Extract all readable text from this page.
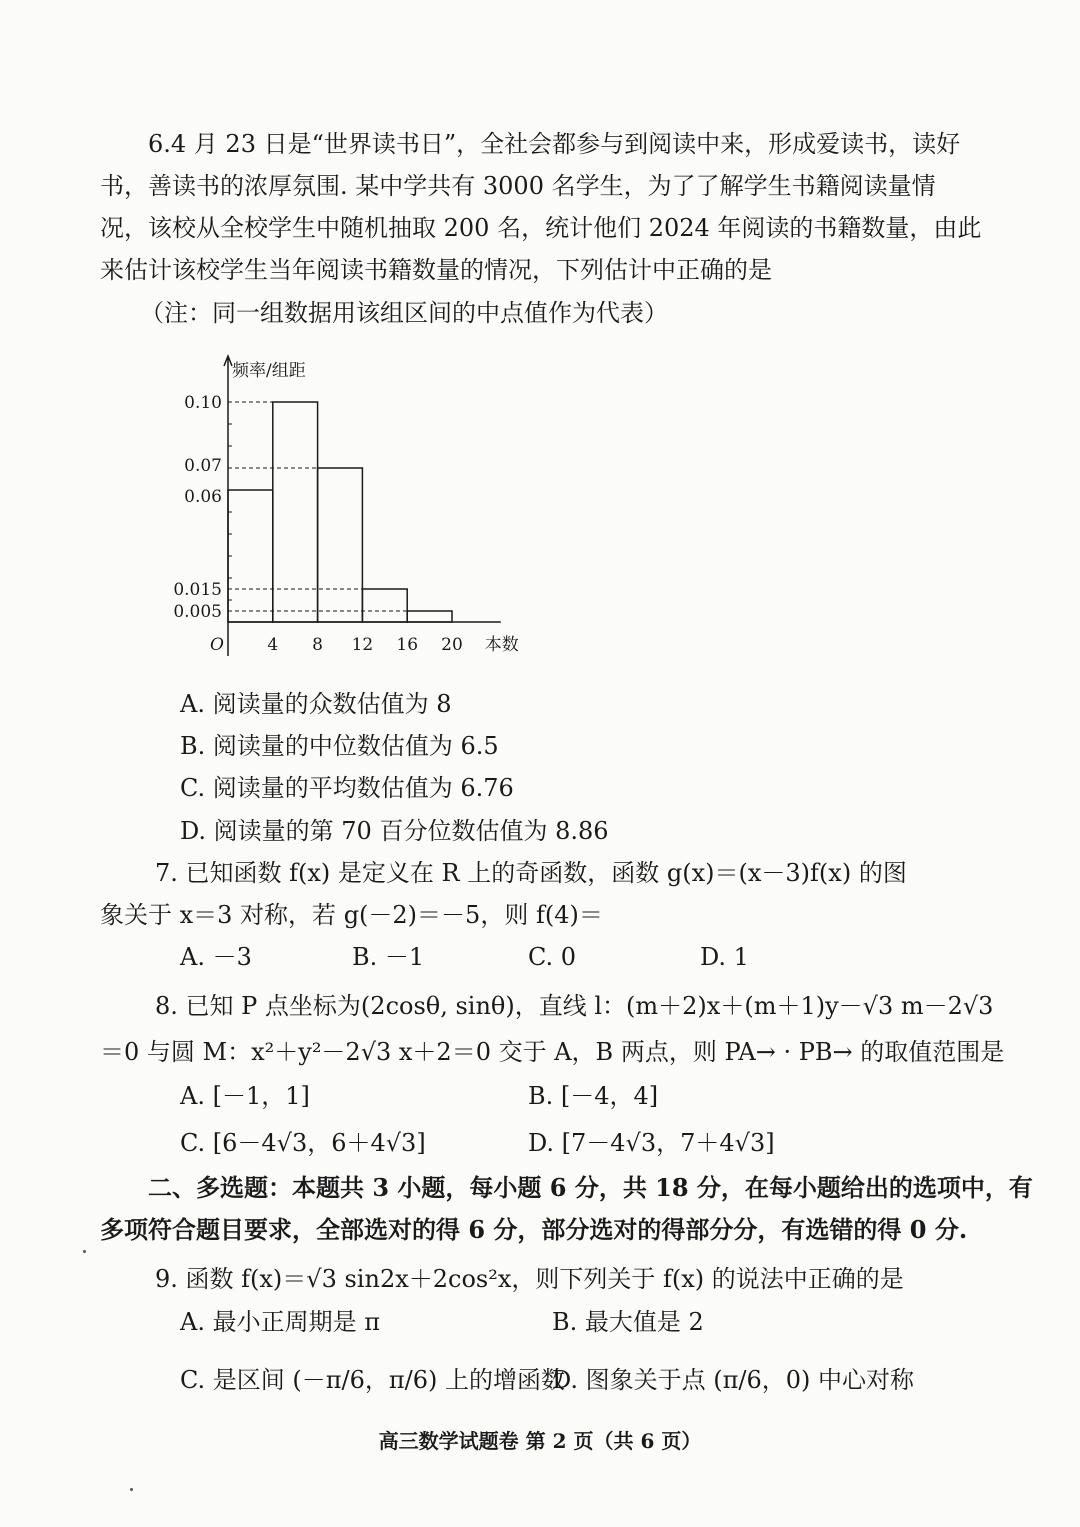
6.4 月 23 日是“世界读书日”，全社会都参与到阅读中来，形成爱读书，读好
书，善读书的浓厚氛围. 某中学共有 3000 名学生，为了了解学生书籍阅读量情
况，该校从全校学生中随机抽取 200 名，统计他们 2024 年阅读的书籍数量，由此
来估计该校学生当年阅读书籍数量的情况，下列估计中正确的是
（注：同一组数据用该组区间的中点值作为代表）
0.10
0.07
0.06
0.015
0.005
4 8 12 16 20
O	本数
频率/组距
A. 阅读量的众数估值为 8
B. 阅读量的中位数估值为 6.5
C. 阅读量的平均数估值为 6.76
D. 阅读量的第 70 百分位数估值为 8.86
7. 已知函数 f(x) 是定义在 R 上的奇函数，函数 g(x)＝(x－3)f(x) 的图
象关于 x＝3 对称，若 g(－2)＝－5，则 f(4)＝
A. －3	B. －1	C. 0	D. 1
8. 已知 P 点坐标为(2cosθ, sinθ)，直线 l：(m＋2)x＋(m＋1)y－√3 m－2√3
＝0 与圆 M：x²＋y²－2√3 x＋2＝0 交于 A，B 两点，则 PA→ · PB→ 的取值范围是
A. [－1，1]	B. [－4，4]
C. [6－4√3，6＋4√3]	D. [7－4√3，7＋4√3]
二、多选题：本题共 3 小题，每小题 6 分，共 18 分，在每小题给出的选项中，有
多项符合题目要求，全部选对的得 6 分，部分选对的得部分分，有选错的得 0 分.
9. 函数 f(x)＝√3 sin2x＋2cos²x，则下列关于 f(x) 的说法中正确的是
A. 最小正周期是 π	B. 最大值是 2
C. 是区间 (－π/6，π/6) 上的增函数
D. 图象关于点 (π/6，0) 中心对称
高三数学试题卷 第 2 页（共 6 页）
